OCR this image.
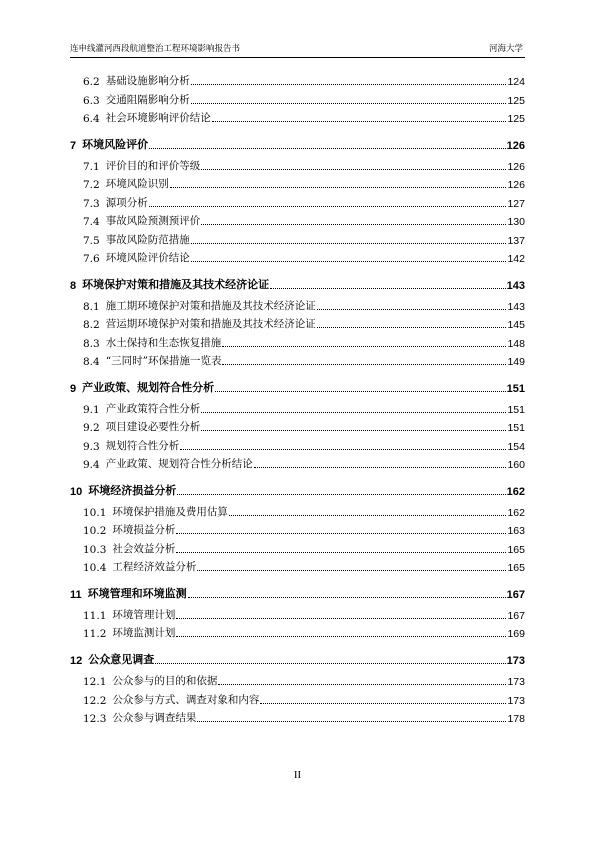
连申线灌河西段航道整治工程环境影响报告书	河海大学
6.2 基础设施影响分析	124
6.3 交通阻隔影响分析	125
6.4 社会环境影响评价结论	125
7 环境风险评价	126
7.1 评价目的和评价等级	126
7.2 环境风险识别	126
7.3 源项分析	127
7.4 事故风险预测预评价	130
7.5 事故风险防范措施	137
7.6 环境风险评价结论	142
8 环境保护对策和措施及其技术经济论证	143
8.1 施工期环境保护对策和措施及其技术经济论证	143
8.2 营运期环境保护对策和措施及其技术经济论证	145
8.3 水土保持和生态恢复措施	148
8.4 “三同时”环保措施一览表	149
9 产业政策、规划符合性分析	151
9.1 产业政策符合性分析	151
9.2 项目建设必要性分析	151
9.3 规划符合性分析	154
9.4 产业政策、规划符合性分析结论	160
10 环境经济损益分析	162
10.1 环境保护措施及费用估算	162
10.2 环境损益分析	163
10.3 社会效益分析	165
10.4 工程经济效益分析	165
11 环境管理和环境监测	167
11.1 环境管理计划	167
11.2 环境监测计划	169
12 公众意见调查	173
12.1 公众参与的目的和依据	173
12.2 公众参与方式、调查对象和内容	173
12.3 公众参与调查结果	178
II
